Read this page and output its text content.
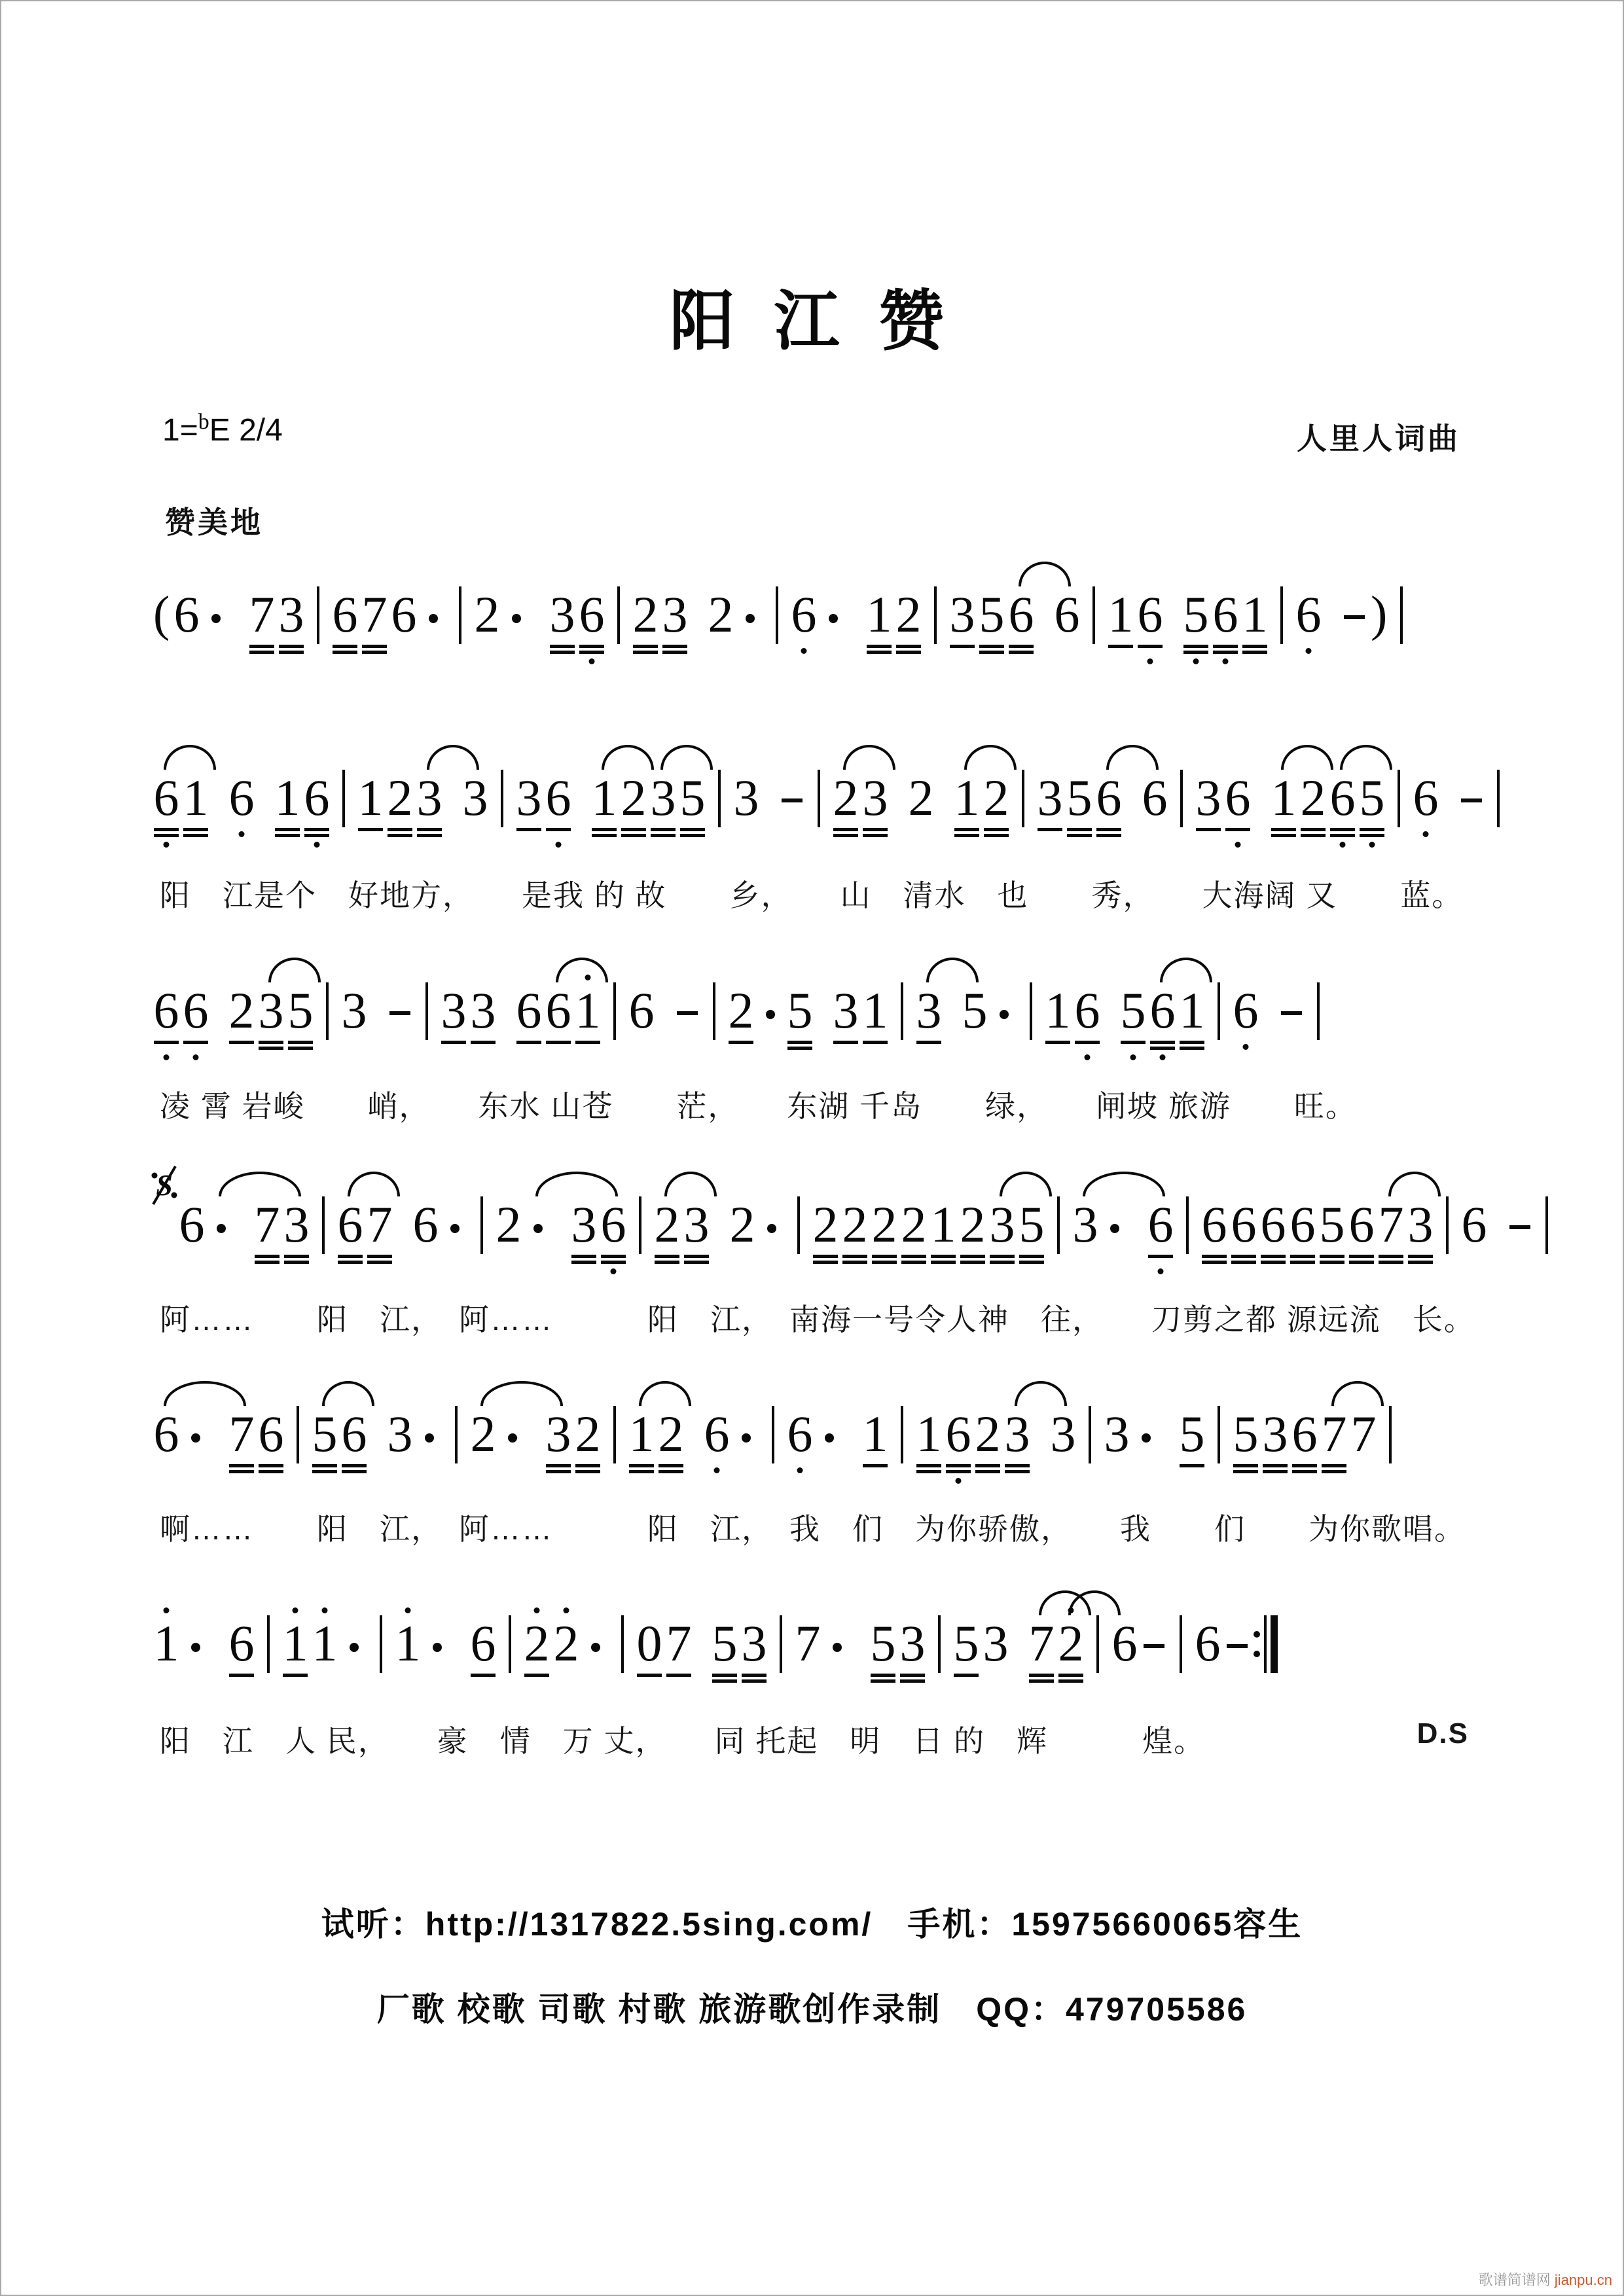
阳 江 赞
1=bE 2/4	人里人词曲
赞美地
( 6 7 3 6 7 6 2 3 6 2 3 2 6 1 2 3 5 6 6 1 6 5 6 1 6 )
6 1 6 1 6 1 2 3 3 3 6 1 2 3 5 3 2 3 2 1 2 3 5 6 6 3 6 1 2 6 5 6
阳　江是个　好地方，　　是我 的 故　　乡，　　山　清水　也　　秀，　　大海阔 又　　蓝。
6 6 2 3 5 3 3 3 6 6 1 6 2 5 3 1 3 5 1 6 5 6 1 6
凌 霄 岩峻　　峭，　　东水 山苍　　茫，　　东湖 千岛　　绿，　　闸坡 旅游　　旺。
S
6 7 3 6 7 6 2 3 6 2 3 2 2 2 2 2 1 2 3 5 3 6 6 6 6 6 5 6 7 3 6
阿……　　阳　江，　阿……　　　阳　江，　南海一号令人神　往，　　刀剪之都 源远流　长。
6 7 6 5 6 3 2 3 2 1 2 6 6 1 1 6 2 3 3 3 5 5 3 6 7 7
啊……　　阳　江，　阿……　　　阳　江，　我　们　为你骄傲，　　我　　们　　为你歌唱。
1 6 1 1 1 6 2 2 0 7 5 3 7 5 3 5 3 7 2 6 6
阳　江　人 民，　　豪　情　万 丈，　　同 托起　明　日 的　辉　　　煌。	D.S
试听：http://1317822.5sing.com/　手机：15975660065容生
厂歌 校歌 司歌 村歌 旅游歌创作录制　QQ：479705586
歌谱简谱网 jianpu.cn
